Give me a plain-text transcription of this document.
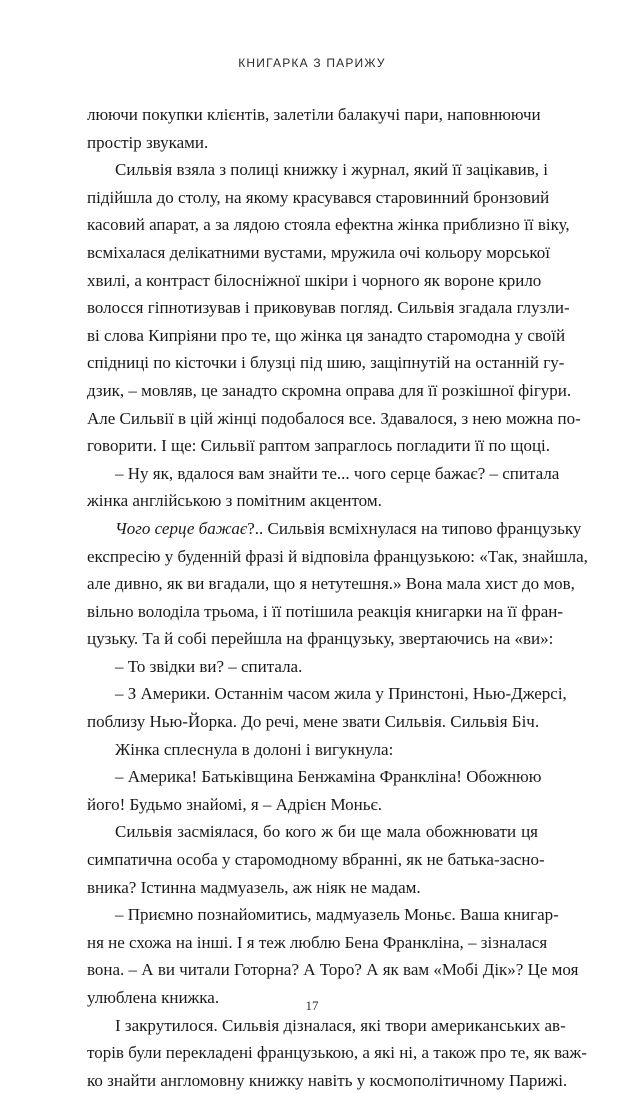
КНИГАРКА З ПАРИЖУ
люючи покупки клієнтів, залетіли балакучі пари, наповнюючи
простір звуками.
Сильвія взяла з полиці книжку і журнал, який її зацікавив, і
підійшла до столу, на якому красувався старовинний бронзовий
касовий апарат, а за лядою стояла ефектна жінка приблизно її віку,
всміхалася делікатними вустами, мружила очі кольору морської
хвилі, а контраст білосніжної шкіри і чорного як вороне крило
волосся гіпнотизував і приковував погляд. Сильвія згадала глузли-
ві слова Кипріяни про те, що жінка ця занадто старомодна у своїй
спідниці по кісточки і блузці під шию, защіпнутій на останній гу-
дзик, – мовляв, це занадто скромна оправа для її розкішної фігури.
Але Сильвії в цій жінці подобалося все. Здавалося, з нею можна по-
говорити. І ще: Сильвії раптом запраглось погладити її по щоці.
– Ну як, вдалося вам знайти те... чого серце бажає? – спитала
жінка англійською з помітним акцентом.
Чого серце бажає?.. Сильвія всміхнулася на типово французьку
експресію у буденній фразі й відповіла французькою: «Так, знайшла,
але дивно, як ви вгадали, що я нетутешня.» Вона мала хист до мов,
вільно володіла трьома, і її потішила реакція книгарки на її фран-
цузьку. Та й собі перейшла на французьку, звертаючись на «ви»:
– То звідки ви? – спитала.
– З Америки. Останнім часом жила у Принстоні, Нью-Джерсі,
поблизу Нью-Йорка. До речі, мене звати Сильвія. Сильвія Біч.
Жінка сплеснула в долоні і вигукнула:
– Америка! Батьківщина Бенжаміна Франкліна! Обожнюю
його! Будьмо знайомі, я – Адрієн Моньє.
Сильвія засміялася, бо кого ж би ще мала обожнювати ця
симпатична особа у старомодному вбранні, як не батька-засно-
вника? Істинна мадмуазель, аж ніяк не мадам.
– Приємно познайомитись, мадмуазель Моньє. Ваша книгар-
ня не схожа на інші. І я теж люблю Бена Франкліна, – зізналася
вона. – А ви читали Готорна? А Торо? А як вам «Мобі Дік»? Це моя
улюблена книжка.
І закрутилося. Сильвія дізналася, які твори американських ав-
торів були перекладені французькою, а які ні, а також про те, як важ-
ко знайти англомовну книжку навіть у космополітичному Парижі.
17
